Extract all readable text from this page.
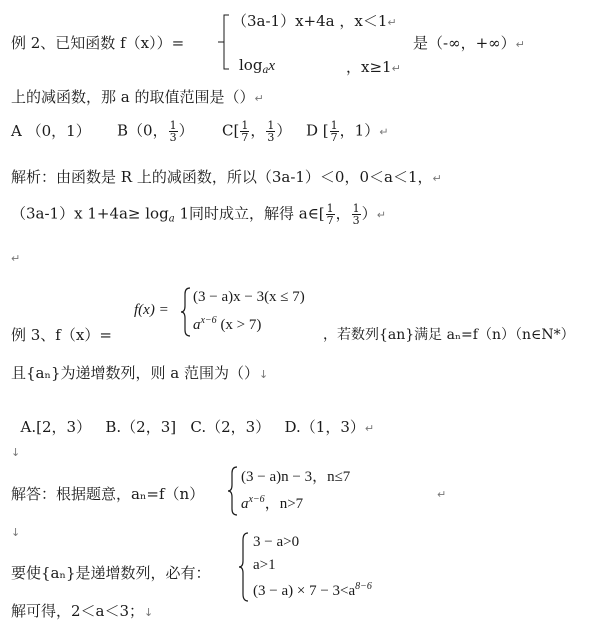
例 2、已知函数 f（x））=
（3a-1）x+4a ，x＜1↵
$\log_ax$	，x≥1↵
是（-∞，+∞）↵
上的减函数，那 a 的取值范围是（）↵
A （0，1） B（0， $\frac{1}{3}$ ） $C[ \frac{1}{7}$ ， $\frac{1}{3}$ ） D [ $\frac{1}{7}$ ，1）↵
解析：由函数是 R 上的减函数，所以（3a-1）＜0，0＜a＜1，↵
（3a-1）x $1+4a\ge \log_a 1$同时成立，解得 a∈[ $\frac{1}{7}$ ， $\frac{1}{3}$ ）↵
↵
f(x) =
(3 − a)x − 3(x ≤ 7)
$a^{x-6}$ (x > 7)
例 3、f（x）=	，若数列{an}满足 aₙ=f（n）（n∈N*）
且{aₙ}为递增数列，则 a 范围为（）↓

A.[2，3）   B.（2，3]   C.（2，3）   D.（1，3）↵

↓
解答：根据题意，aₙ=f（n）
(3 − a)n − 3，n≤7
$a^{x-6}$，n>7
↵
↓
要使{aₙ}是递增数列，必有：
3 − a>0
a>1
$(3 - a) \times 7 - 3<a^{8-6}$
解可得，2＜a＜3；↓
